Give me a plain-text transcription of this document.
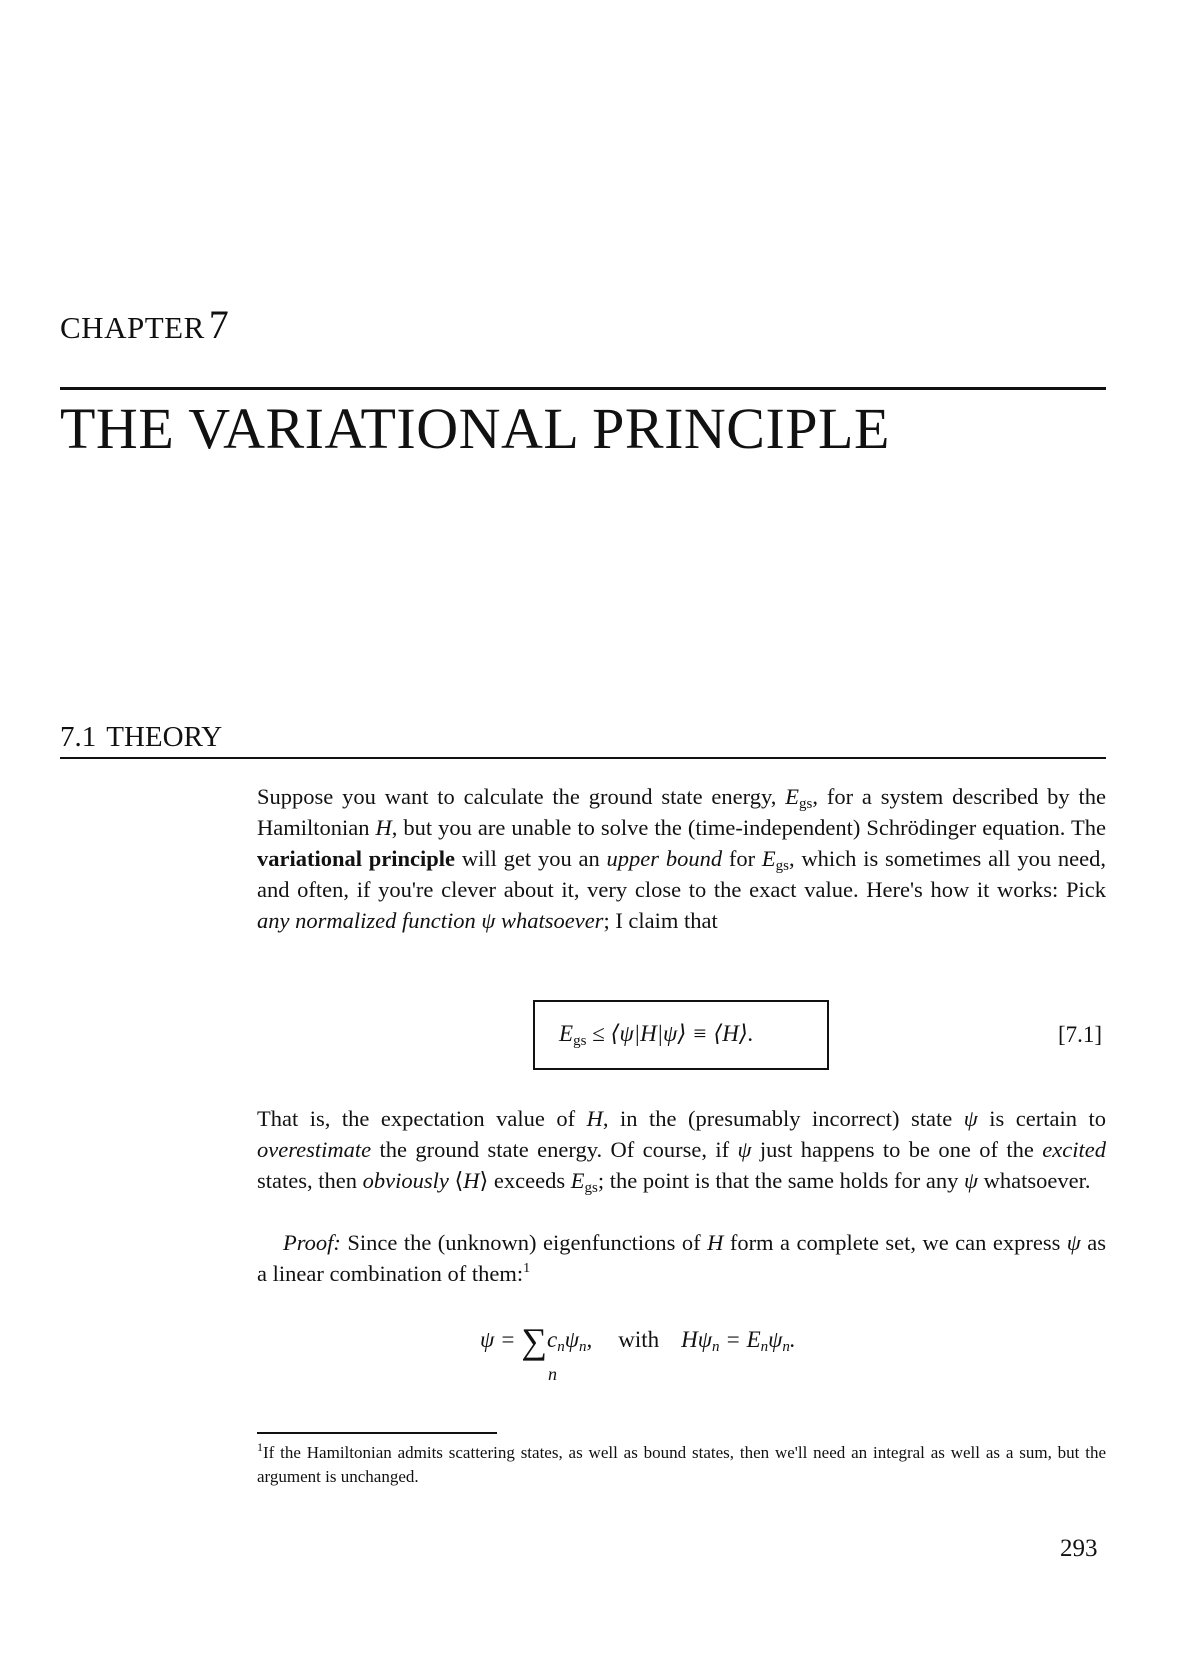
CHAPTER 7
THE VARIATIONAL PRINCIPLE
7.1 THEORY

Suppose you want to calculate the ground state energy, $E_{gs}$, for a system described by the Hamiltonian H, but you are unable to solve the (time-independent) Schrödinger equation. The variational principle will get you an upper bound for $E_{gs}$, which is sometimes all you need, and often, if you're clever about it, very close to the exact value. Here's how it works: Pick any normalized function ψ whatsoever; I claim that

$E_{gs}$ ≤ ⟨ψ|H|ψ⟩ ≡ ⟨H⟩.	[7.1]

That is, the expectation value of H, in the (presumably incorrect) state ψ is certain to overestimate the ground state energy. Of course, if ψ just happens to be one of the excited states, then obviously ⟨H⟩ exceeds $E_{gs}$; the point is that the same holds for any ψ whatsoever.

Proof: Since the (unknown) eigenfunctions of H form a complete set, we can express ψ as a linear combination of them:$^1$

$\psi = \sum c_n\psi_n$, with $H\psi_n = E_n\psi_n$.
n

$^1$If the Hamiltonian admits scattering states, as well as bound states, then we'll need an integral as well as a sum, but the argument is unchanged.

293
